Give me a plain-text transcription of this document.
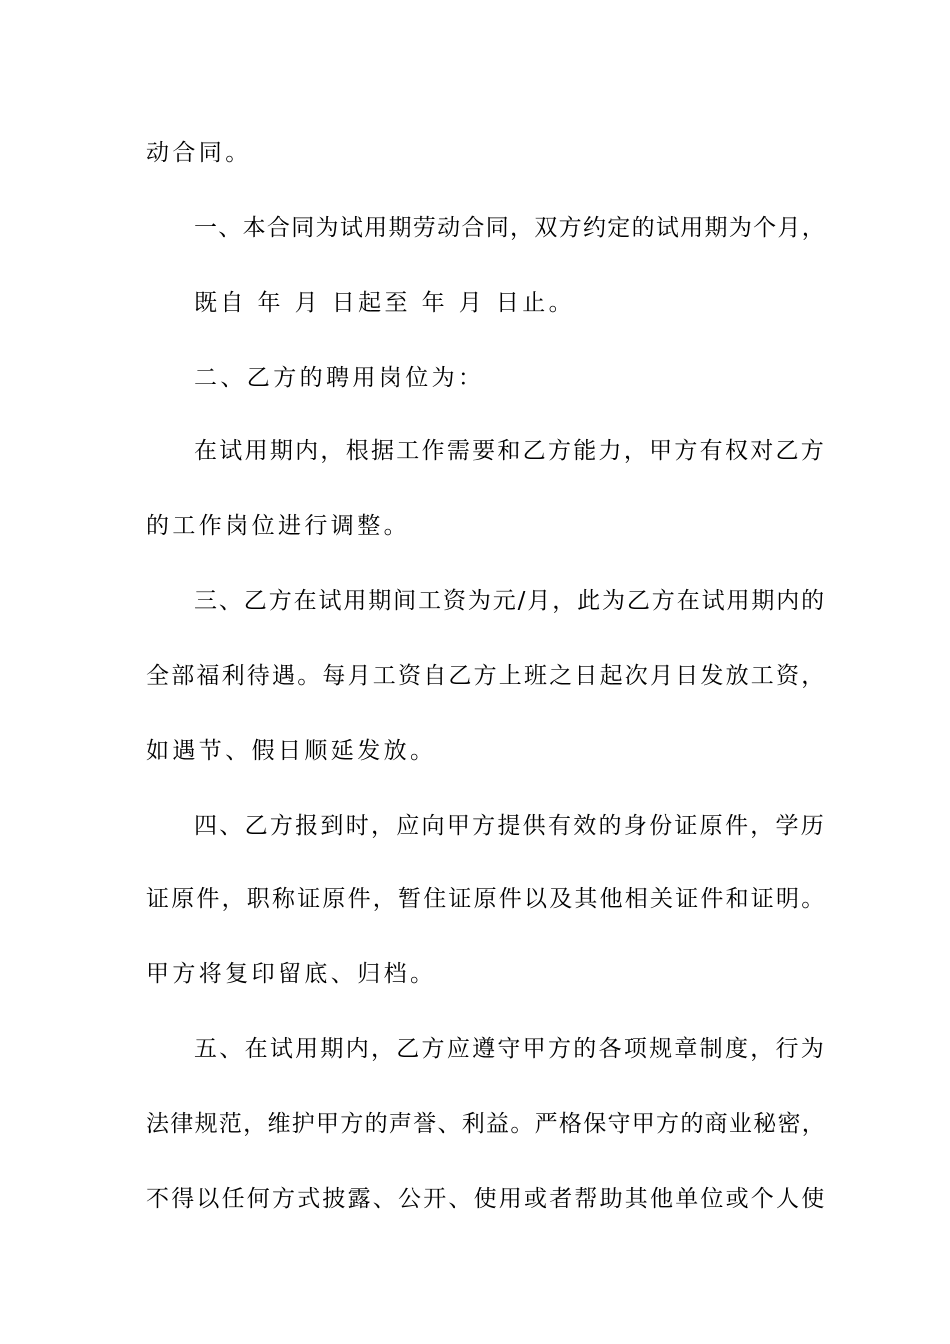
动合同。
一、本合同为试用期劳动合同，双方约定的试用期为个月，
既自 年 月 日起至 年 月 日止。
二、乙方的聘用岗位为：
在试用期内，根据工作需要和乙方能力，甲方有权对乙方
的工作岗位进行调整。
三、乙方在试用期间工资为元/月，此为乙方在试用期内的
全部福利待遇。每月工资自乙方上班之日起次月日发放工资，
如遇节、假日顺延发放。
四、乙方报到时，应向甲方提供有效的身份证原件，学历
证原件，职称证原件，暂住证原件以及其他相关证件和证明。
甲方将复印留底、归档。
五、在试用期内，乙方应遵守甲方的各项规章制度，行为
法律规范，维护甲方的声誉、利益。严格保守甲方的商业秘密，
不得以任何方式披露、公开、使用或者帮助其他单位或个人使
